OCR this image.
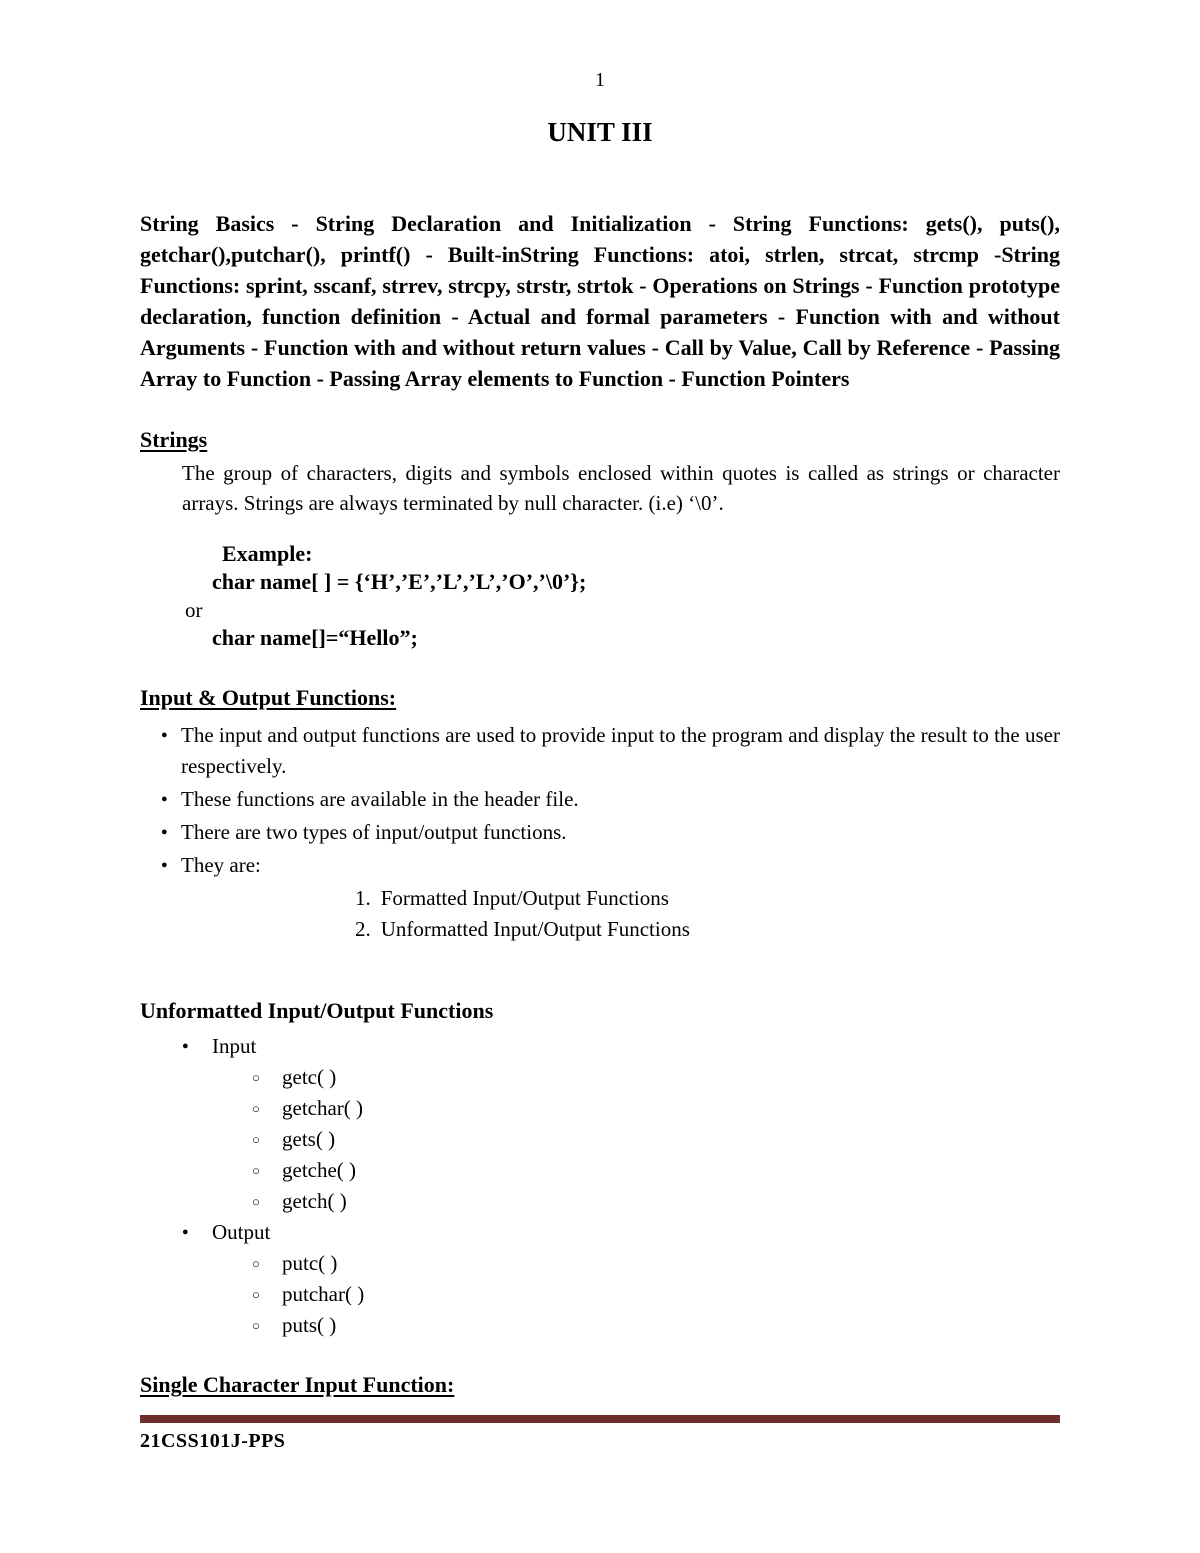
1
UNIT III

String Basics - String Declaration and Initialization - String Functions: gets(), puts(), getchar(),putchar(), printf() - Built-inString Functions: atoi, strlen, strcat, strcmp -String Functions: sprint, sscanf, strrev, strcpy, strstr, strtok - Operations on Strings - Function prototype declaration, function definition - Actual and formal parameters - Function with and without Arguments - Function with and without return values - Call by Value, Call by Reference - Passing Array to Function - Passing Array elements to Function - Function Pointers

Strings

The group of characters, digits and symbols enclosed within quotes is called as strings or character arrays. Strings are always terminated by null character. (i.e) ‘\0’.

Example:
char name[ ] = {‘H’,’E’,’L’,’L’,’O’,’\0’};
or
char name[]=“Hello”;
Input & Output Functions:
● The input and output functions are used to provide input to the program and display the result to the user respectively.
● These functions are available in the header file.
● There are two types of input/output functions.
● They are:
1. Formatted Input/Output Functions
2. Unformatted Input/Output Functions
Unformatted Input/Output Functions
● Input
○ getc( )
○ getchar( )
○ gets( )
○ getche( )
○ getch( )
● Output
○ putc( )
○ putchar( )
○ puts( )
Single Character Input Function:
21CSS101J-PPS
